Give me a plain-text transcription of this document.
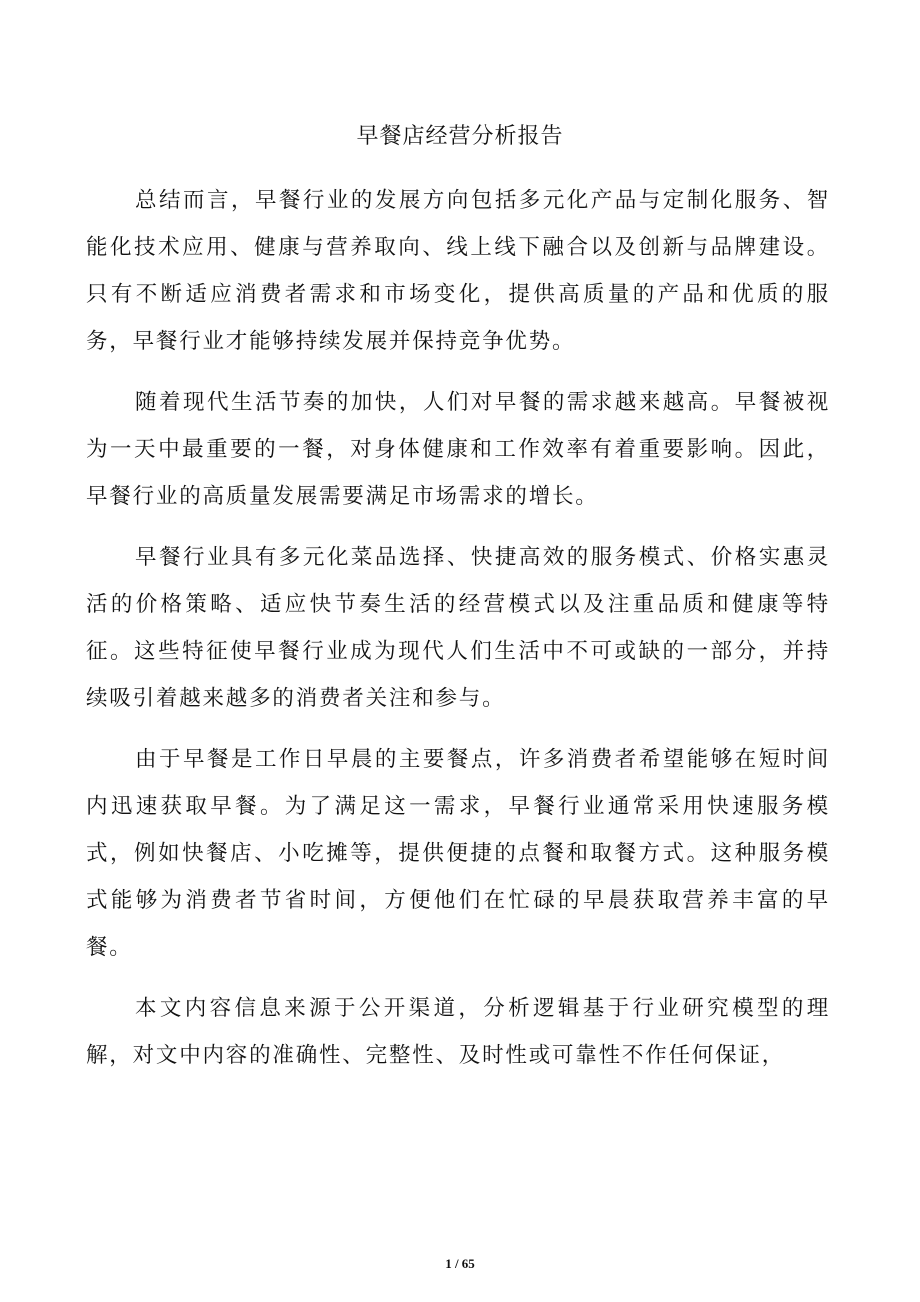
早餐店经营分析报告

总结而言，早餐行业的发展方向包括多元化产品与定制化服务、智能化技术应用、健康与营养取向、线上线下融合以及创新与品牌建设。只有不断适应消费者需求和市场变化，提供高质量的产品和优质的服务，早餐行业才能够持续发展并保持竞争优势。

随着现代生活节奏的加快，人们对早餐的需求越来越高。早餐被视为一天中最重要的一餐，对身体健康和工作效率有着重要影响。因此，早餐行业的高质量发展需要满足市场需求的增长。

早餐行业具有多元化菜品选择、快捷高效的服务模式、价格实惠灵活的价格策略、适应快节奏生活的经营模式以及注重品质和健康等特征。这些特征使早餐行业成为现代人们生活中不可或缺的一部分，并持续吸引着越来越多的消费者关注和参与。

由于早餐是工作日早晨的主要餐点，许多消费者希望能够在短时间内迅速获取早餐。为了满足这一需求，早餐行业通常采用快速服务模式，例如快餐店、小吃摊等，提供便捷的点餐和取餐方式。这种服务模式能够为消费者节省时间，方便他们在忙碌的早晨获取营养丰富的早餐。

本文内容信息来源于公开渠道，分析逻辑基于行业研究模型的理解，对文中内容的准确性、完整性、及时性或可靠性不作任何保证，

1 / 65
